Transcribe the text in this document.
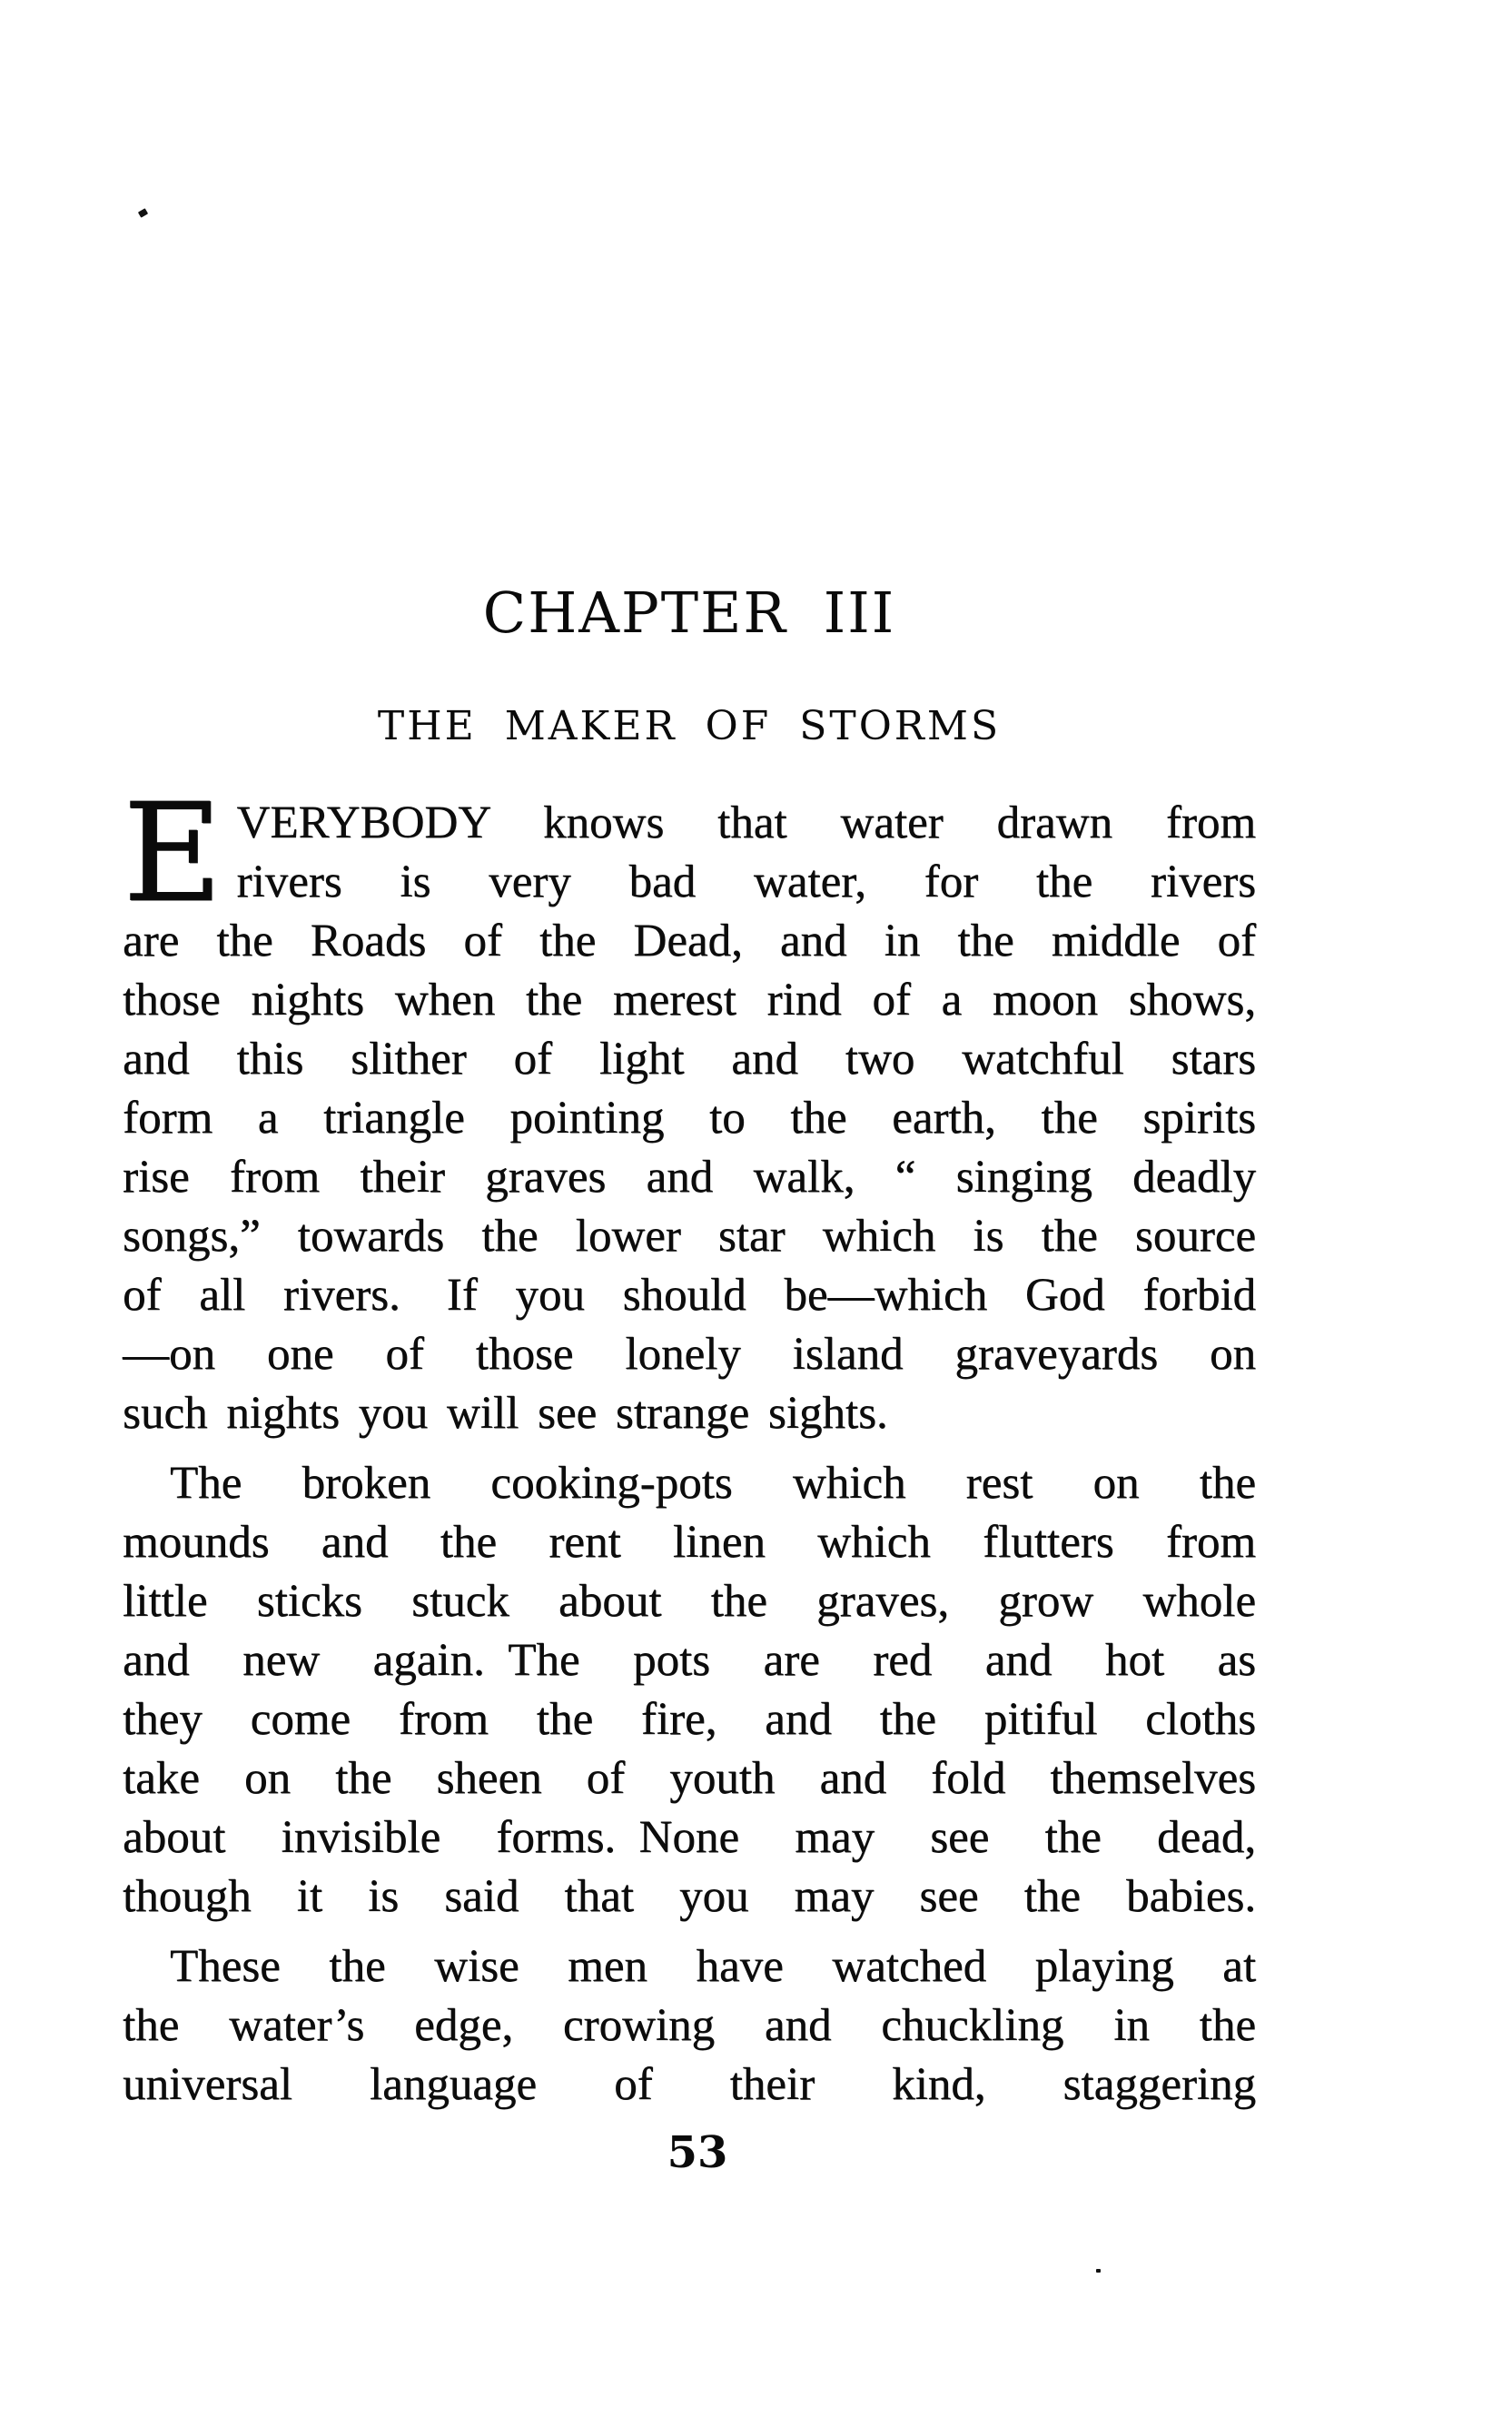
CHAPTER III
THE MAKER OF STORMS
E VERYBODY knows that water drawn from
rivers is very bad water, for the rivers
are the Roads of the Dead, and in the middle of
those nights when the merest rind of a moon shows,
and this slither of light and two watchful stars
form a triangle pointing to the earth, the spirits
rise from their graves and walk, “ singing deadly
songs,” towards the lower star which is the source
of all rivers. If you should be—which God forbid
—on one of those lonely island graveyards on
such nights you will see strange sights.
The broken cooking-pots which rest on the
mounds and the rent linen which flutters from
little sticks stuck about the graves, grow whole
and new again. The pots are red and hot as
they come from the fire, and the pitiful cloths
take on the sheen of youth and fold themselves
about invisible forms. None may see the dead,
though it is said that you may see the babies.
These the wise men have watched playing at
the water’s edge, crowing and chuckling in the
universal language of their kind, staggering
53
